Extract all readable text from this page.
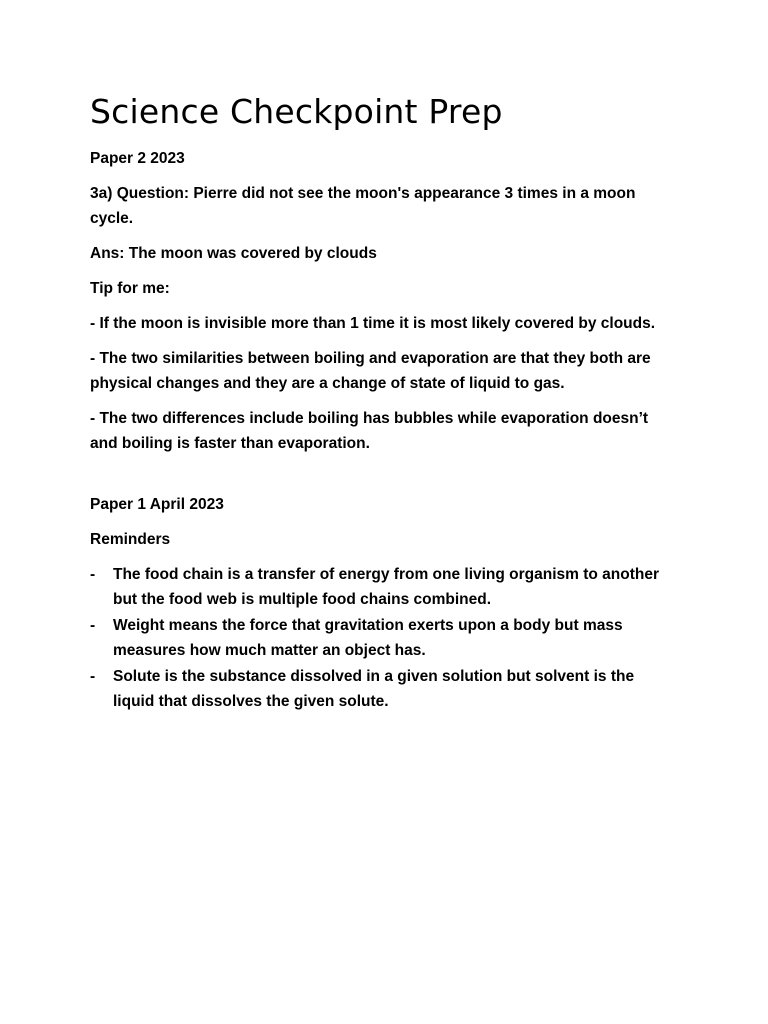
Science Checkpoint Prep

Paper 2 2023

3a) Question: Pierre did not see the moon's appearance 3 times in a moon cycle.

Ans: The moon was covered by clouds

Tip for me:

- If the moon is invisible more than 1 time it is most likely covered by clouds.

- The two similarities between boiling and evaporation are that they both are physical changes and they are a change of state of liquid to gas.

- The two differences include boiling has bubbles while evaporation doesn’t and boiling is faster than evaporation.

Paper 1 April 2023

Reminders

- The food chain is a transfer of energy from one living organism to another but the food web is multiple food chains combined.
- Weight means the force that gravitation exerts upon a body but mass measures how much matter an object has.
- Solute is the substance dissolved in a given solution but solvent is the liquid that dissolves the given solute.
